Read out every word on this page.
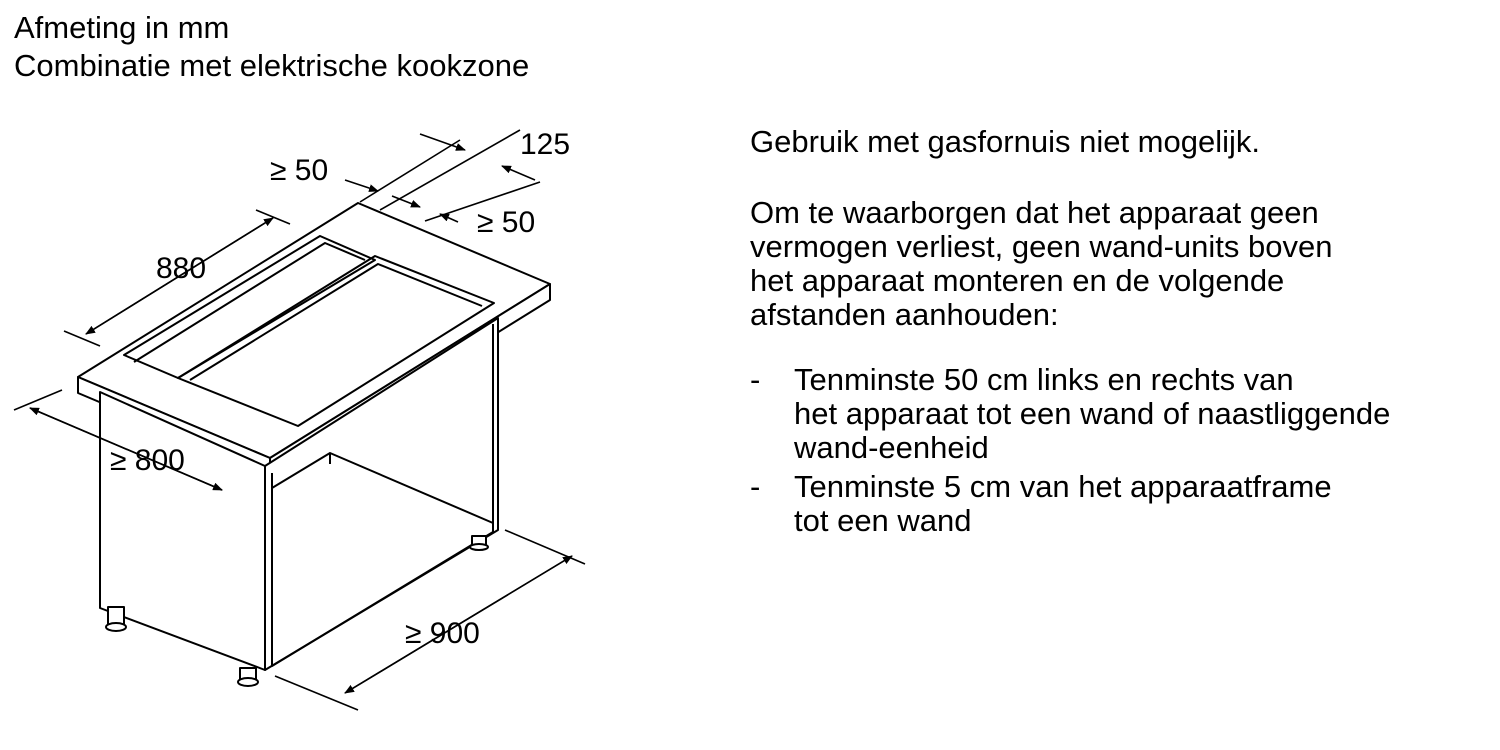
Afmeting in mm
Combinatie met elektrische kookzone
125
≥ 50
≥ 50
880
≥ 800
≥ 900
Gebruik met gasfornuis niet mogelijk.
Om te waarborgen dat het apparaat geen
vermogen verliest, geen wand-units boven
het apparaat monteren en de volgende
afstanden aanhouden:
- Tenminste 50 cm links en rechts van
het apparaat tot een wand of naastliggende
wand-eenheid
- Tenminste 5 cm van het apparaatframe
tot een wand
